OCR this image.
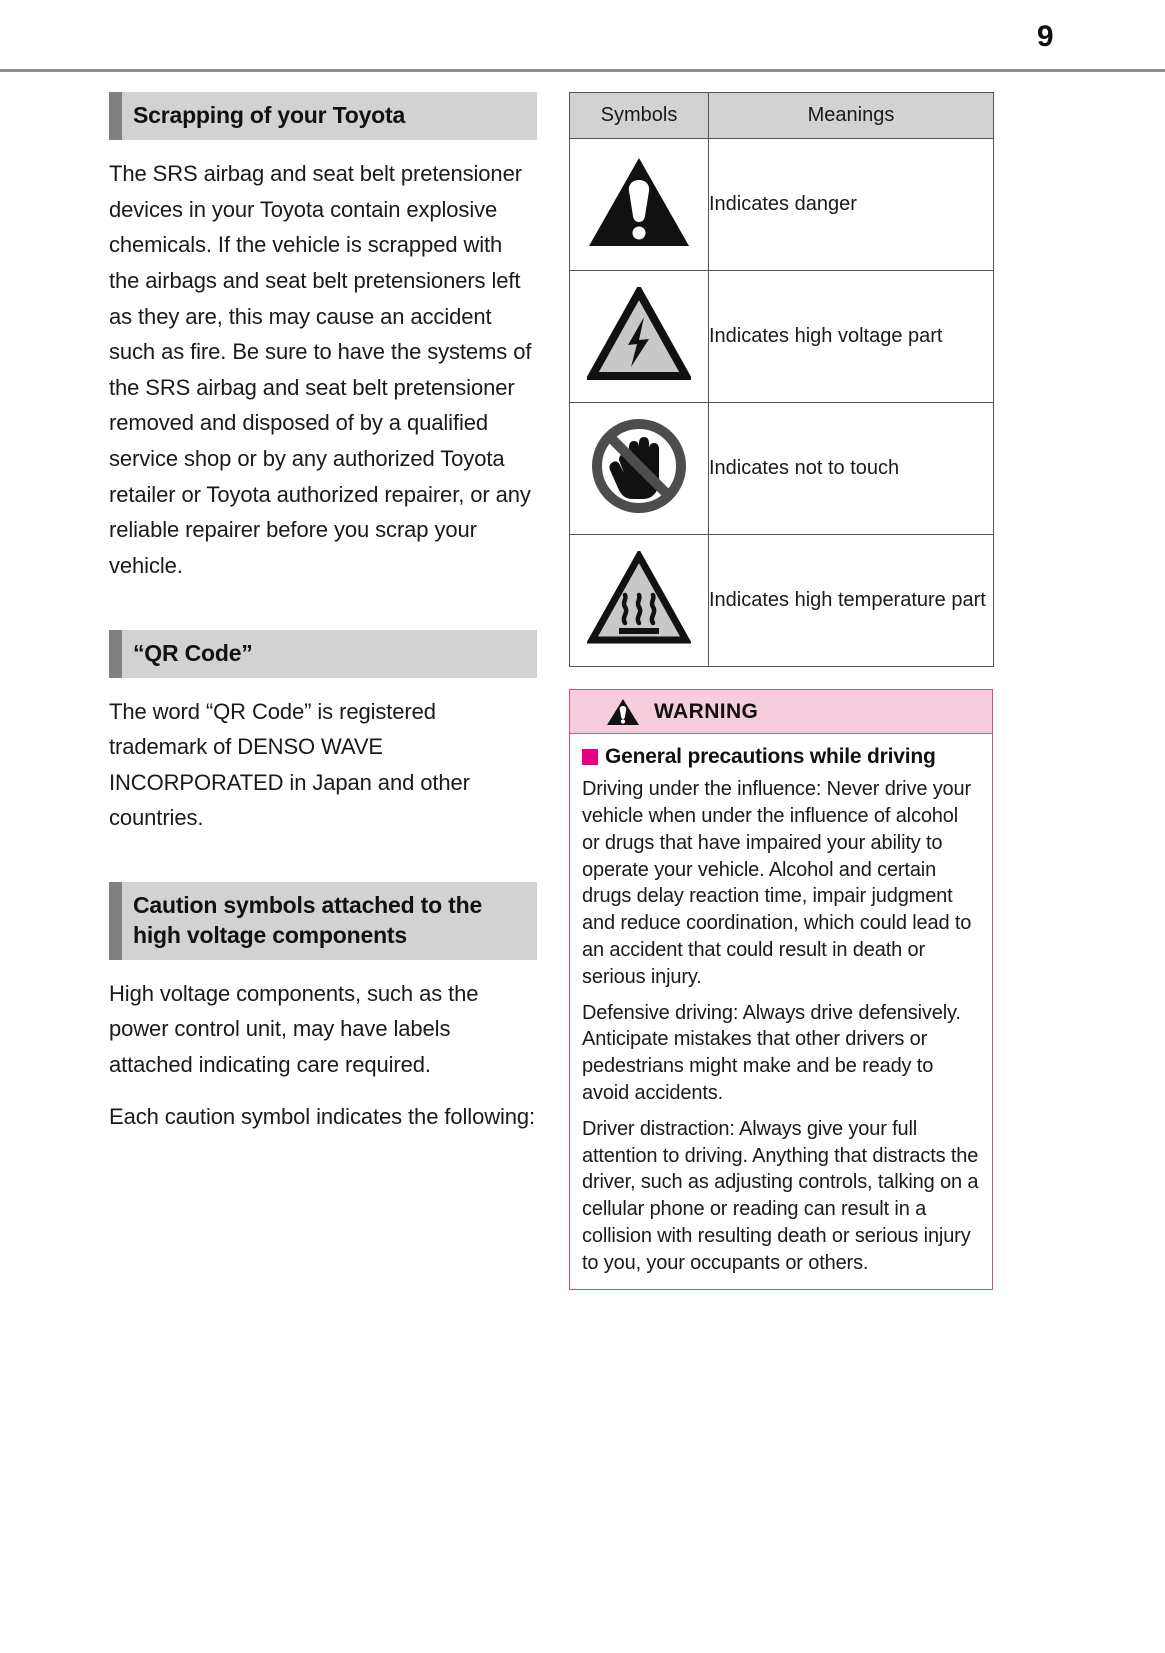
9
Scrapping of your Toyota

The SRS airbag and seat belt pretensioner devices in your Toyota contain explosive chemicals. If the vehicle is scrapped with the airbags and seat belt pretensioners left as they are, this may cause an accident such as fire. Be sure to have the systems of the SRS airbag and seat belt pretensioner removed and disposed of by a qualified service shop or by any authorized Toyota retailer or Toyota authorized repairer, or any reliable repairer before you scrap your vehicle.

“QR Code”

The word “QR Code” is registered trademark of DENSO WAVE INCORPORATED in Japan and other countries.

Caution symbols attached to the high voltage components

High voltage components, such as the power control unit, may have labels attached indicating care required.

Each caution symbol indicates the following:

Symbols	Meanings
	Indicates danger
	Indicates high voltage part
	Indicates not to touch
	Indicates high temperature part
WARNING
General precautions while driving

Driving under the influence: Never drive your vehicle when under the influence of alcohol or drugs that have impaired your ability to operate your vehicle. Alcohol and certain drugs delay reaction time, impair judgment and reduce coordination, which could lead to an accident that could result in death or serious injury.

Defensive driving: Always drive defensively. Anticipate mistakes that other drivers or pedestrians might make and be ready to avoid accidents.

Driver distraction: Always give your full attention to driving. Anything that distracts the driver, such as adjusting controls, talking on a cellular phone or reading can result in a collision with resulting death or serious injury to you, your occupants or others.
